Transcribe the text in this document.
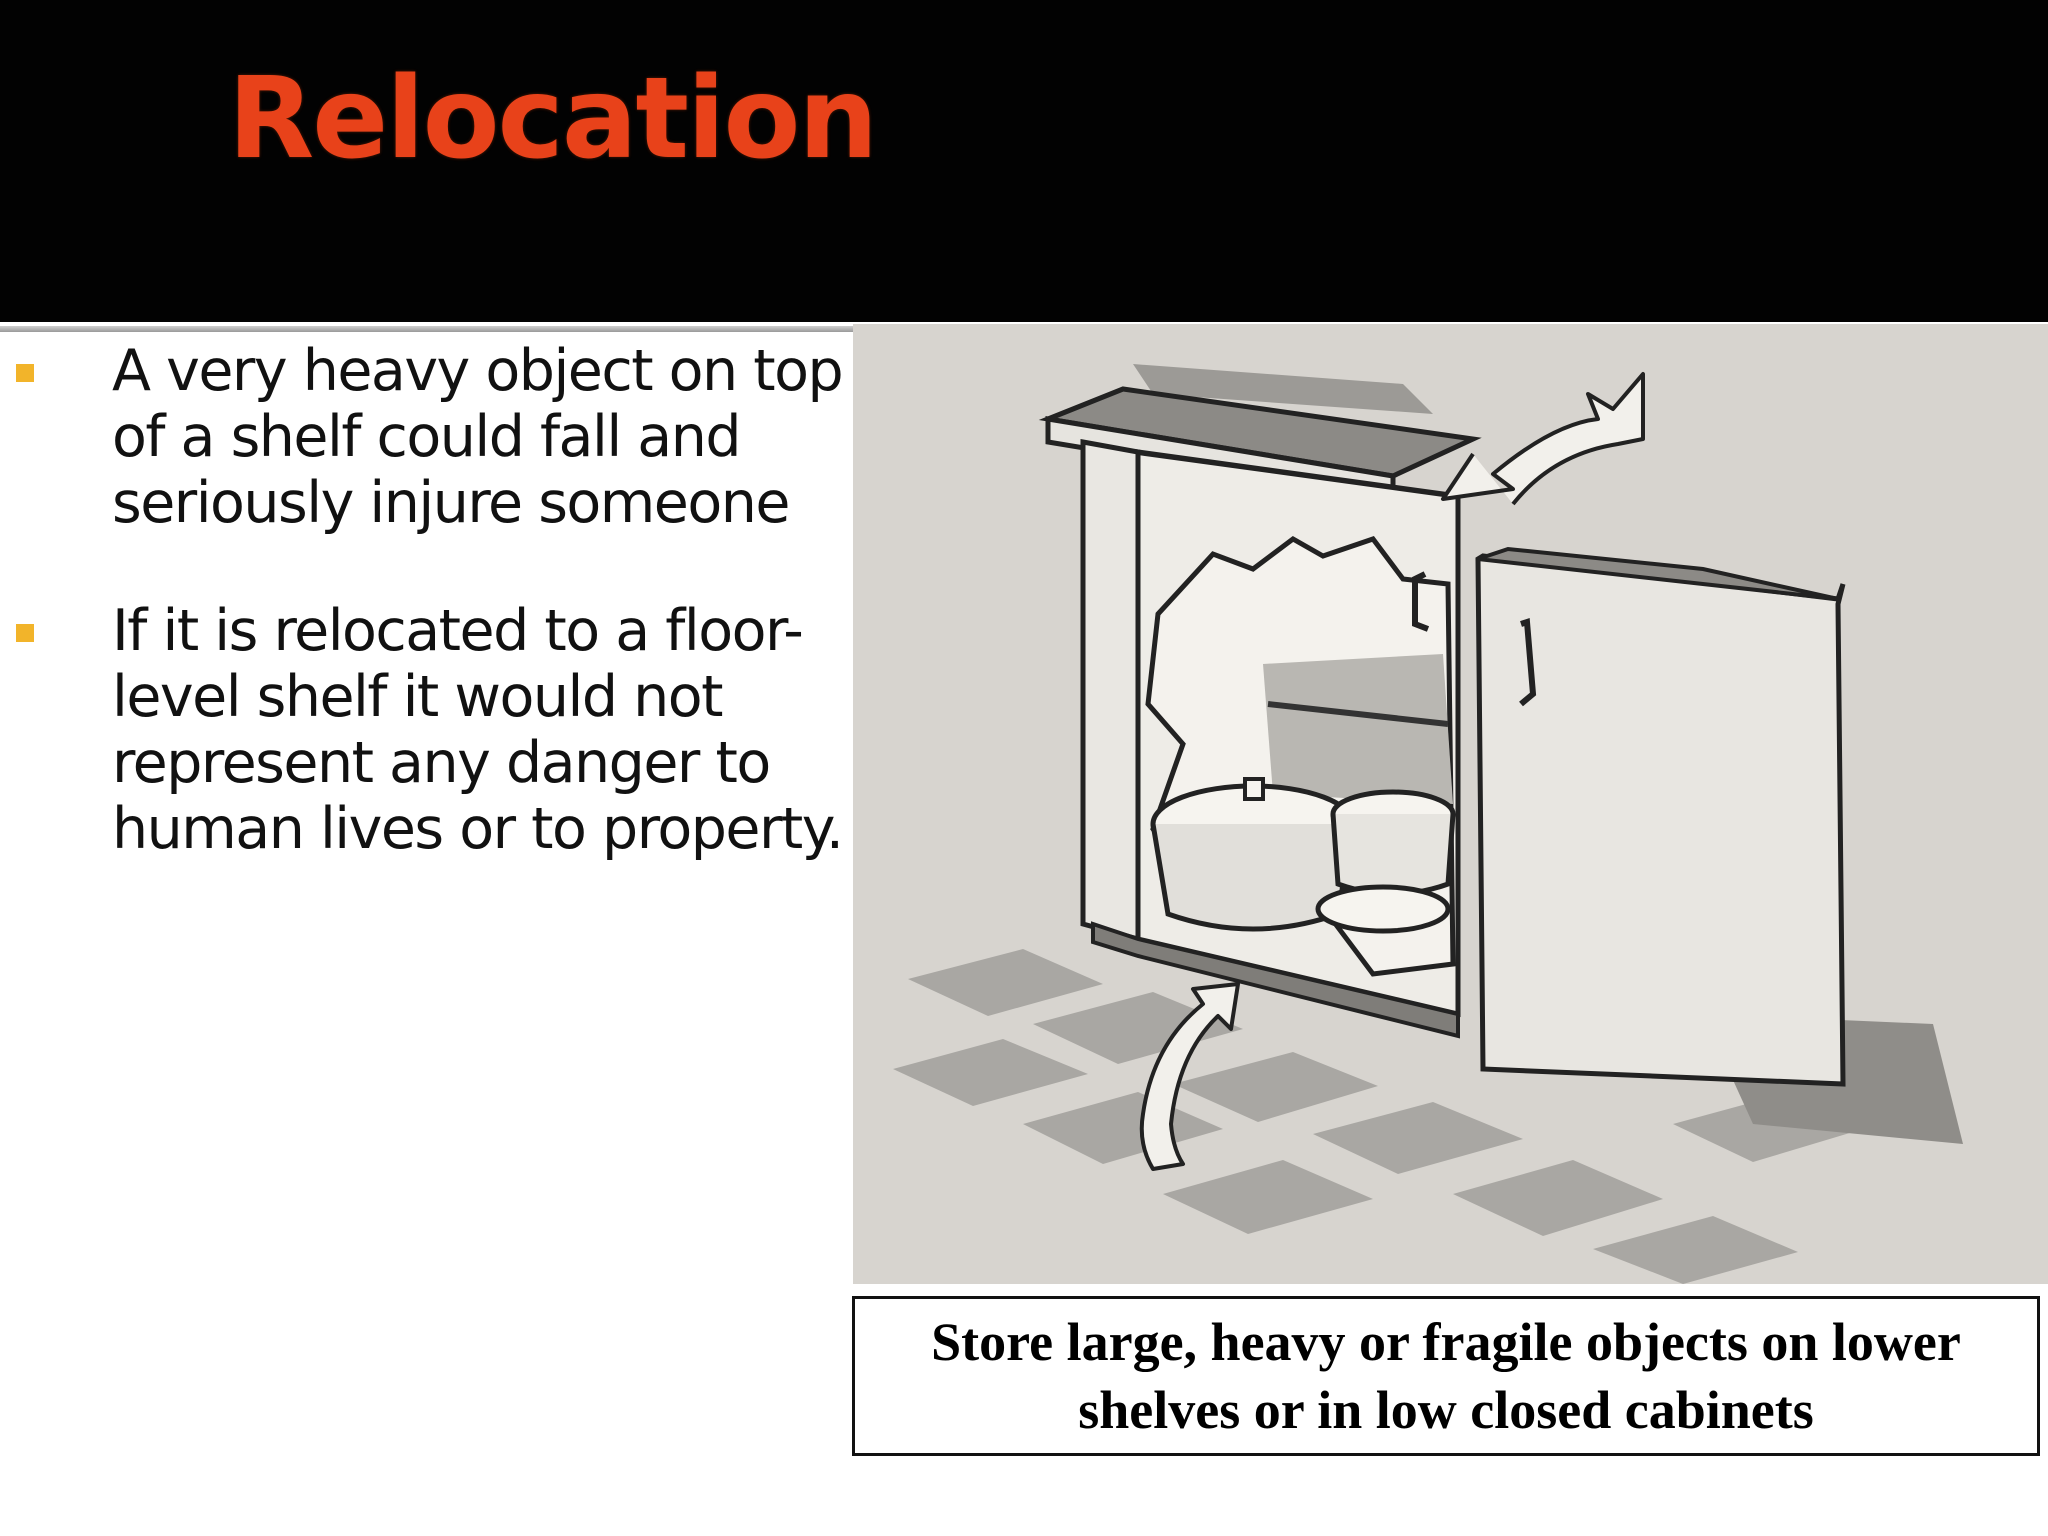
Relocation
A very heavy object on top of a shelf could fall and seriously injure someone
If it is relocated to a floor-level shelf it would not represent any danger to human lives or to property.
Store large, heavy or fragile objects on lower shelves or in low closed cabinets
